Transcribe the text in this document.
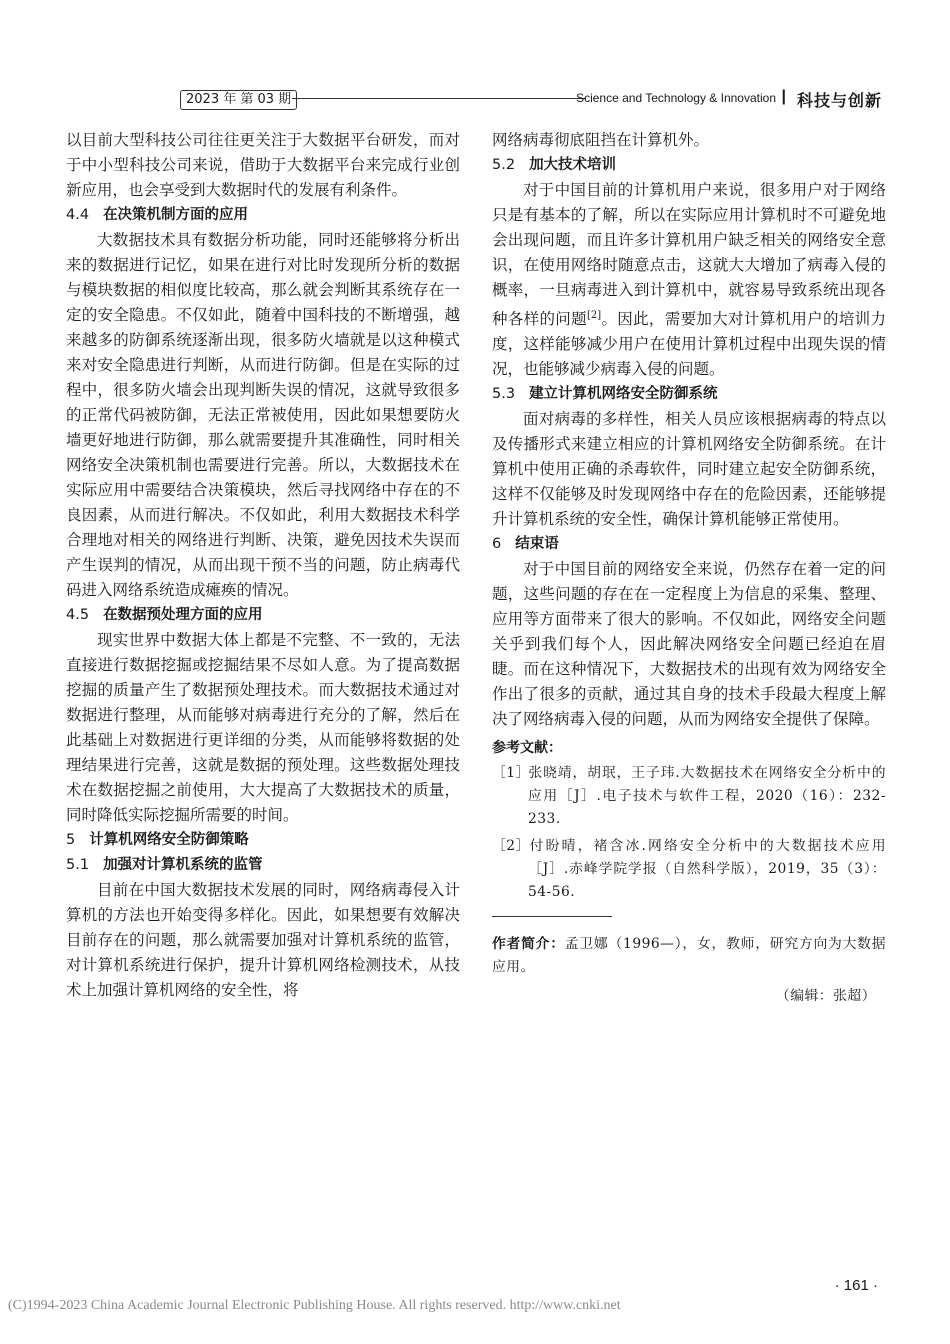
2023 年 第 03 期	Science and Technology & Innovation | 科技与创新

以目前大型科技公司往往更关注于大数据平台研发，而对于中小型科技公司来说，借助于大数据平台来完成行业创新应用，也会享受到大数据时代的发展有利条件。

4.4 在决策机制方面的应用

大数据技术具有数据分析功能，同时还能够将分析出来的数据进行记忆，如果在进行对比时发现所分析的数据与模块数据的相似度比较高，那么就会判断其系统存在一定的安全隐患。不仅如此，随着中国科技的不断增强，越来越多的防御系统逐渐出现，很多防火墙就是以这种模式来对安全隐患进行判断，从而进行防御。但是在实际的过程中，很多防火墙会出现判断失误的情况，这就导致很多的正常代码被防御，无法正常被使用，因此如果想要防火墙更好地进行防御，那么就需要提升其准确性，同时相关网络安全决策机制也需要进行完善。所以，大数据技术在实际应用中需要结合决策模块，然后寻找网络中存在的不良因素，从而进行解决。不仅如此，利用大数据技术科学合理地对相关的网络进行判断、决策，避免因技术失误而产生误判的情况，从而出现干预不当的问题，防止病毒代码进入网络系统造成瘫痪的情况。

4.5 在数据预处理方面的应用

现实世界中数据大体上都是不完整、不一致的，无法直接进行数据挖掘或挖掘结果不尽如人意。为了提高数据挖掘的质量产生了数据预处理技术。而大数据技术通过对数据进行整理，从而能够对病毒进行充分的了解，然后在此基础上对数据进行更详细的分类，从而能够将数据的处理结果进行完善，这就是数据的预处理。这些数据处理技术在数据挖掘之前使用，大大提高了大数据技术的质量，同时降低实际挖掘所需要的时间。

5 计算机网络安全防御策略

5.1 加强对计算机系统的监管

目前在中国大数据技术发展的同时，网络病毒侵入计算机的方法也开始变得多样化。因此，如果想要有效解决目前存在的问题，那么就需要加强对计算机系统的监管，对计算机系统进行保护，提升计算机网络检测技术，从技术上加强计算机网络的安全性，将

网络病毒彻底阻挡在计算机外。

5.2 加大技术培训

对于中国目前的计算机用户来说，很多用户对于网络只是有基本的了解，所以在实际应用计算机时不可避免地会出现问题，而且许多计算机用户缺乏相关的网络安全意识，在使用网络时随意点击，这就大大增加了病毒入侵的概率，一旦病毒进入到计算机中，就容易导致系统出现各种各样的问题[2]。因此，需要加大对计算机用户的培训力度，这样能够减少用户在使用计算机过程中出现失误的情况，也能够减少病毒入侵的问题。

5.3 建立计算机网络安全防御系统

面对病毒的多样性，相关人员应该根据病毒的特点以及传播形式来建立相应的计算机网络安全防御系统。在计算机中使用正确的杀毒软件，同时建立起安全防御系统，这样不仅能够及时发现网络中存在的危险因素，还能够提升计算机系统的安全性，确保计算机能够正常使用。

6 结束语

对于中国目前的网络安全来说，仍然存在着一定的问题，这些问题的存在在一定程度上为信息的采集、整理、应用等方面带来了很大的影响。不仅如此，网络安全问题关乎到我们每个人，因此解决网络安全问题已经迫在眉睫。而在这种情况下，大数据技术的出现有效为网络安全作出了很多的贡献，通过其自身的技术手段最大程度上解决了网络病毒入侵的问题，从而为网络安全提供了保障。

参考文献：

［1］张晓靖，胡珉，王子玮.大数据技术在网络安全分析中的应用［J］.电子技术与软件工程，2020（16）：232-233.

［2］付盼晴，褚含冰.网络安全分析中的大数据技术应用［J］.赤峰学院学报（自然科学版），2019，35（3）：54-56.

作者简介：孟卫娜（1996—），女，教师，研究方向为大数据应用。

（编辑：张超）

· 161 ·
(C)1994-2023 China Academic Journal Electronic Publishing House. All rights reserved. http://www.cnki.net
